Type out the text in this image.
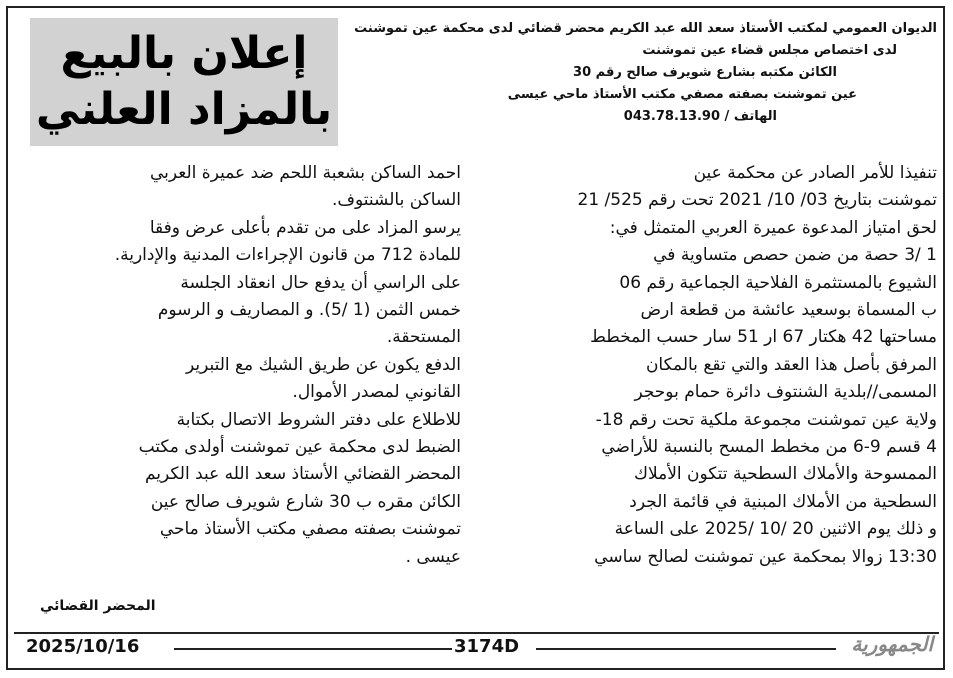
إعلان بالبيع
بالمزاد العلني
الديوان العمومي لمكتب الأستاذ سعد الله عبد الكريم محضر قضائي لدى محكمة عين تموشنت
لدى اختصاص مجلس قضاء عين تموشنت
الكائن مكتبه بشارع شويرف صالح رقم 30
عين تموشنت بصفته مصفي مكتب الأستاذ ماحي عيسى
الهاتف / 043.78.13.90

تنفيذا للأمر الصادر عن محكمة عين

تموشنت بتاريخ 03/ 10/ 2021 تحت رقم 525/ 21

لحق امتياز المدعوة عميرة العربي المتمثل في:

1 /3 حصة من ضمن حصص متساوية في

الشيوع بالمستثمرة الفلاحية الجماعية رقم 06

ب المسماة بوسعيد عائشة من قطعة ارض

مساحتها 42 هكتار 67 ار 51 سار حسب المخطط

المرفق بأصل هذا العقد والتي تقع بالمكان

المسمى//بلدية الشنتوف دائرة حمام بوحجر

ولاية عين تموشنت مجموعة ملكية تحت رقم 18-

4 قسم 9-6 من مخطط المسح بالنسبة للأراضي

الممسوحة والأملاك السطحية تتكون الأملاك

السطحية من الأملاك المبنية في قائمة الجرد

و ذلك يوم الاثنين 20 /10 /2025 على الساعة

13:30 زوالا بمحكمة عين تموشنت لصالح ساسي

احمد الساكن بشعبة اللحم ضد عميرة العربي

الساكن بالشنتوف.

يرسو المزاد على من تقدم بأعلى عرض وفقا

للمادة 712 من قانون الإجراءات المدنية والإدارية.

على الراسي أن يدفع حال انعقاد الجلسة

خمس الثمن (1 /5). و المصاريف و الرسوم

المستحقة.

الدفع يكون عن طريق الشيك مع التبرير

القانوني لمصدر الأموال.

للاطلاع على دفتر الشروط الاتصال بكتابة

الضبط لدى محكمة عين تموشنت أولدى مكتب

المحضر القضائي الأستاذ سعد الله عبد الكريم

الكائن مقره ب 30 شارع شويرف صالح عين

تموشنت بصفته مصفي مكتب الأستاذ ماحي

عيسى .

المحضر القضائي
2025/10/16	3174D	الجمهورية
